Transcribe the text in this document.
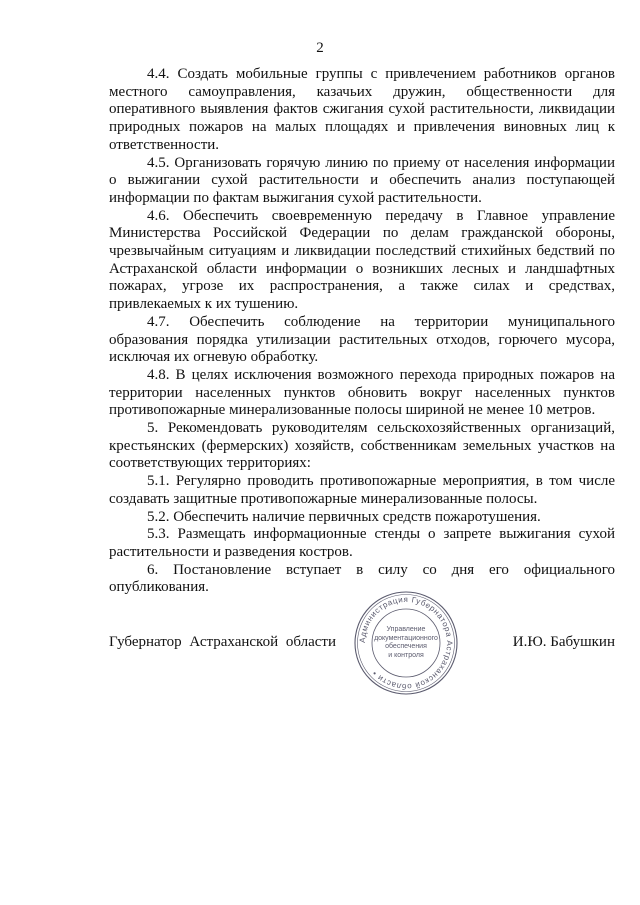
2

4.4. Создать мобильные группы с привлечением работников органов местного самоуправления, казачьих дружин, общественности для оперативного выявления фактов сжигания сухой растительности, ликвидации природных пожаров на малых площадях и привлечения виновных лиц к ответственности.

4.5. Организовать горячую линию по приему от населения информации о выжигании сухой растительности и обеспечить анализ поступающей информации по фактам выжигания сухой растительности.

4.6. Обеспечить своевременную передачу в Главное управление Министерства Российской Федерации по делам гражданской обороны, чрезвычайным ситуациям и ликвидации последствий стихийных бедствий по Астраханской области информации о возникших лесных и ландшафтных пожарах, угрозе их распространения, а также силах и средствах, привлекаемых к их тушению.

4.7. Обеспечить соблюдение на территории муниципального образования порядка утилизации растительных отходов, горючего мусора, исключая их огневую обработку.

4.8. В целях исключения возможного перехода природных пожаров на территории населенных пунктов обновить вокруг населенных пунктов противопожарные минерализованные полосы шириной не менее 10 метров.

5. Рекомендовать руководителям сельскохозяйственных организаций, крестьянских (фермерских) хозяйств, собственникам земельных участков на соответствующих территориях:

5.1. Регулярно проводить противопожарные мероприятия, в том числе создавать защитные противопожарные минерализованные полосы.

5.2. Обеспечить наличие первичных средств пожаротушения.

5.3. Размещать информационные стенды о запрете выжигания сухой растительности и разведения костров.

6. Постановление вступает в силу со дня его официального опубликования.

Губернатор Астраханской области	Администрация Губернатора Астраханской области •
Управление
документационного
обеспечения
и контроля
И.Ю. Бабушкин
